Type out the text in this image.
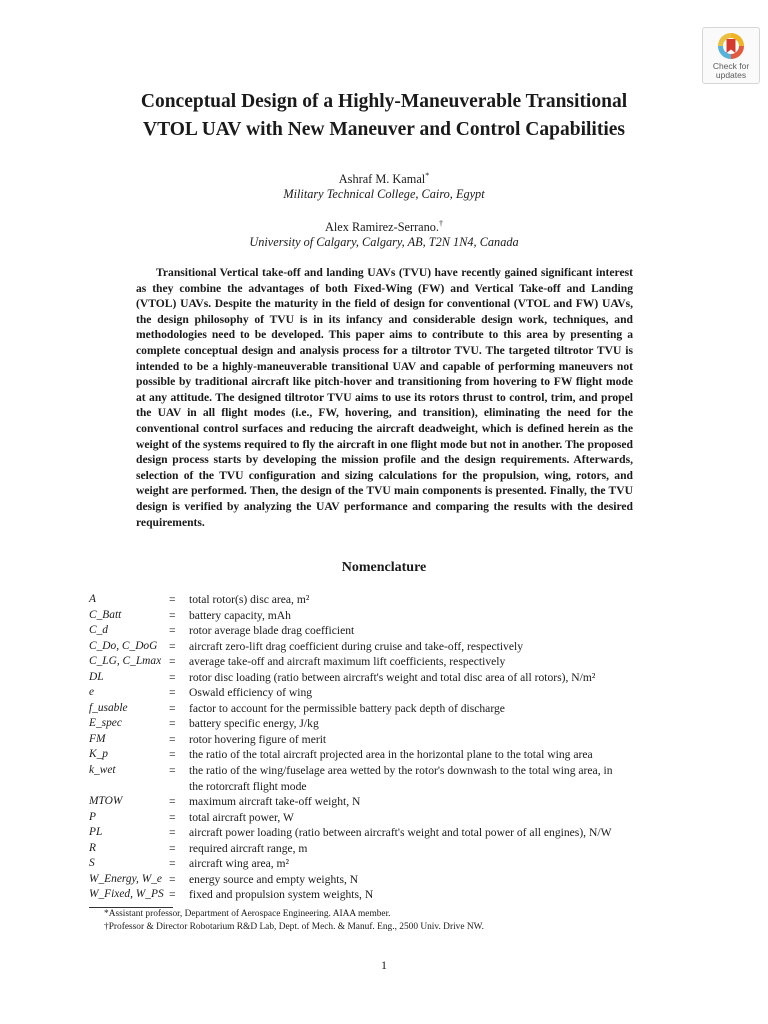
Check for
updates
Conceptual Design of a Highly-Maneuverable Transitional
VTOL UAV with New Maneuver and Control Capabilities
Ashraf M. Kamal*
Military Technical College, Cairo, Egypt
Alex Ramirez-Serrano.†
University of Calgary, Calgary, AB, T2N 1N4, Canada

Transitional Vertical take-off and landing UAVs (TVU) have recently gained significant interest as they combine the advantages of both Fixed-Wing (FW) and Vertical Take-off and Landing (VTOL) UAVs. Despite the maturity in the field of design for conventional (VTOL and FW) UAVs, the design philosophy of TVU is in its infancy and considerable design work, techniques, and methodologies need to be developed. This paper aims to contribute to this area by presenting a complete conceptual design and analysis process for a tiltrotor TVU. The targeted tiltrotor TVU is intended to be a highly-maneuverable transitional UAV and capable of performing maneuvers not possible by traditional aircraft like pitch-hover and transitioning from hovering to FW flight mode at any attitude. The designed tiltrotor TVU aims to use its rotors thrust to control, trim, and propel the UAV in all flight modes (i.e., FW, hovering, and transition), eliminating the need for the conventional control surfaces and reducing the aircraft deadweight, which is defined herein as the weight of the systems required to fly the aircraft in one flight mode but not in another. The proposed design process starts by developing the mission profile and the design requirements. Afterwards, selection of the TVU configuration and sizing calculations for the propulsion, wing, rotors, and weight are performed. Then, the design of the TVU main components is presented. Finally, the TVU design is verified by analyzing the UAV performance and comparing the results with the desired requirements.

Nomenclature
A	= total rotor(s) disc area, m²
C_Batt	= battery capacity, mAh
C_d	= rotor average blade drag coefficient
C_Do, C_DoG = aircraft zero-lift drag coefficient during cruise and take-off, respectively
C_LG, C_Lmax = average take-off and aircraft maximum lift coefficients, respectively
DL	= rotor disc loading (ratio between aircraft's weight and total disc area of all rotors), N/m²
e	= Oswald efficiency of wing
f_usable	= factor to account for the permissible battery pack depth of discharge
E_spec	= battery specific energy, J/kg
FM	= rotor hovering figure of merit
K_p	= the ratio of the total aircraft projected area in the horizontal plane to the total wing area
k_wet	= the ratio of the wing/fuselage area wetted by the rotor's downwash to the total wing area, in
the rotorcraft flight mode
MTOW	= maximum aircraft take-off weight, N
P	= total aircraft power, W
PL	= aircraft power loading (ratio between aircraft's weight and total power of all engines), N/W
R	= required aircraft range, m
S	= aircraft wing area, m²
W_Energy, W_e = energy source and empty weights, N
W_Fixed, W_PS = fixed and propulsion system weights, N
*Assistant professor, Department of Aerospace Engineering. AIAA member.
†Professor & Director Robotarium R&D Lab, Dept. of Mech. & Manuf. Eng., 2500 Univ. Drive NW.
1
